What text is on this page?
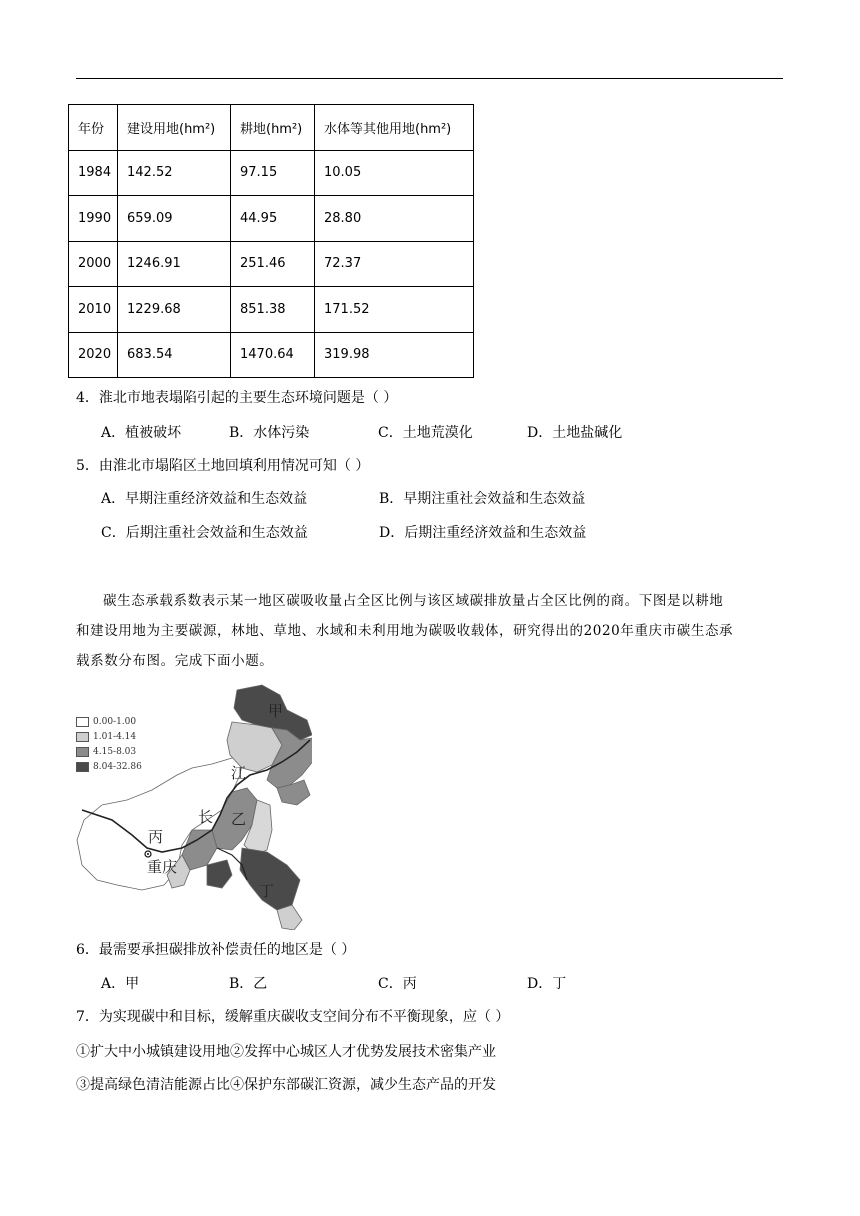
年份	建设用地(hm²)	耕地(hm²)	水体等其他用地(hm²)
1984	142.52	97.15	10.05
1990	659.09	44.95	28.80
2000	1246.91	251.46	72.37
2010	1229.68	851.38	171.52
2020	683.54	1470.64	319.98
4．淮北市地表塌陷引起的主要生态环境问题是（ ）
A．植被破坏	B．水体污染	C．土地荒漠化	D．土地盐碱化
5．由淮北市塌陷区土地回填利用情况可知（ ）
A．早期注重经济效益和生态效益	B．早期注重社会效益和生态效益
C．后期注重社会效益和生态效益	D．后期注重经济效益和生态效益
碳生态承载系数表示某一地区碳吸收量占全区比例与该区域碳排放量占全区比例的商。下图是以耕地
和建设用地为主要碳源，林地、草地、水域和未利用地为碳吸收载体，研究得出的2020年重庆市碳生态承
载系数分布图。完成下面小题。
0.00-1.00
1.01-4.14
4.15-8.03
8.04-32.86
甲
江
长 乙
丙
重庆
丁
6．最需要承担碳排放补偿责任的地区是（ ）
A．甲	B．乙	C．丙	D．丁
7．为实现碳中和目标，缓解重庆碳收支空间分布不平衡现象，应（ ）
①扩大中小城镇建设用地②发挥中心城区人才优势发展技术密集产业
③提高绿色清洁能源占比④保护东部碳汇资源，减少生态产品的开发
